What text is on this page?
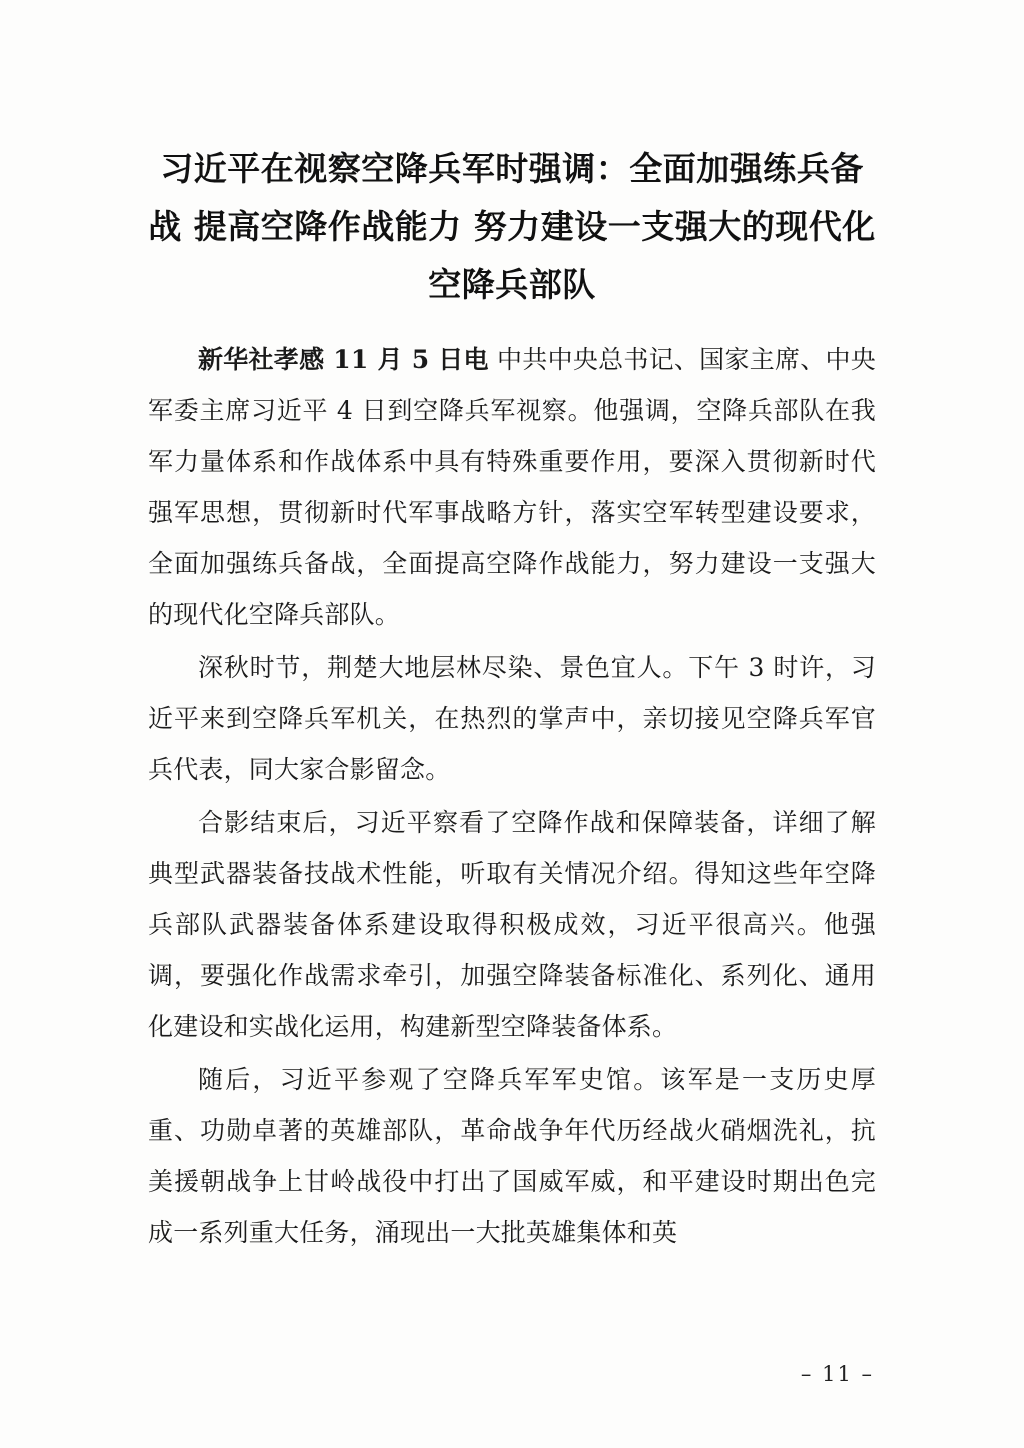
习近平在视察空降兵军时强调：全面加强练兵备战 提高空降作战能力 努力建设一支强大的现代化空降兵部队

新华社孝感 11 月 5 日电 中共中央总书记、国家主席、中央军委主席习近平 4 日到空降兵军视察。他强调，空降兵部队在我军力量体系和作战体系中具有特殊重要作用，要深入贯彻新时代强军思想，贯彻新时代军事战略方针，落实空军转型建设要求，全面加强练兵备战，全面提高空降作战能力，努力建设一支强大的现代化空降兵部队。

深秋时节，荆楚大地层林尽染、景色宜人。下午 3 时许，习近平来到空降兵军机关，在热烈的掌声中，亲切接见空降兵军官兵代表，同大家合影留念。

合影结束后，习近平察看了空降作战和保障装备，详细了解典型武器装备技战术性能，听取有关情况介绍。得知这些年空降兵部队武器装备体系建设取得积极成效，习近平很高兴。他强调，要强化作战需求牵引，加强空降装备标准化、系列化、通用化建设和实战化运用，构建新型空降装备体系。

随后，习近平参观了空降兵军军史馆。该军是一支历史厚重、功勋卓著的英雄部队，革命战争年代历经战火硝烟洗礼，抗美援朝战争上甘岭战役中打出了国威军威，和平建设时期出色完成一系列重大任务，涌现出一大批英雄集体和英

– 11 –
